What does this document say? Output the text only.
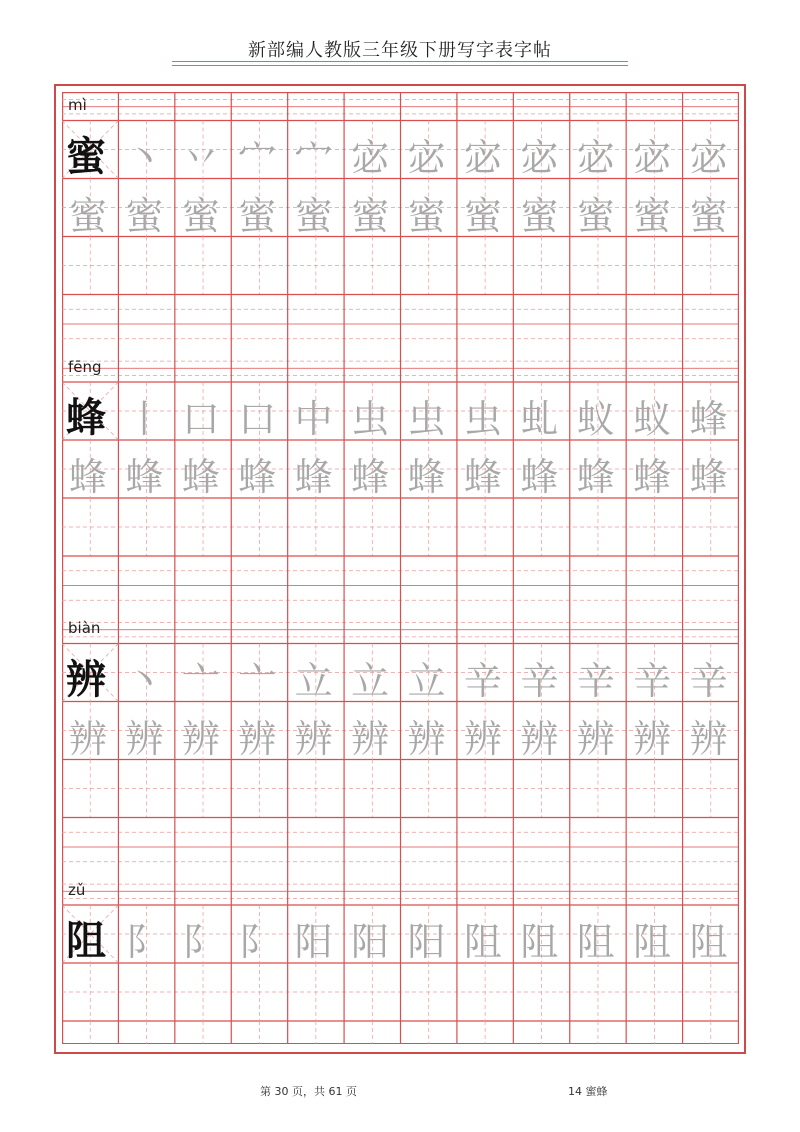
新部编人教版三年级下册写字表字帖
mì
蜜 丶 丷 宀 宀 宓 宓 宓 宓 宓 宓 宓
蜜 蜜 蜜 蜜 蜜 蜜 蜜 蜜 蜜 蜜 蜜 蜜
fēng
蜂 丨 口 口 中 虫 虫 虫 虬 蚁 蚁 蜂
蜂 蜂 蜂 蜂 蜂 蜂 蜂 蜂 蜂 蜂 蜂 蜂
biàn
辨 丶 亠 亠 立 立 立 辛 辛 辛 辛 辛
辨 辨 辨 辨 辨 辨 辨 辨 辨 辨 辨 辨
zǔ
阻 阝 阝 阝 阳 阳 阳 阻 阻 阻 阻 阻
第 30 页，共 61 页	14 蜜蜂
